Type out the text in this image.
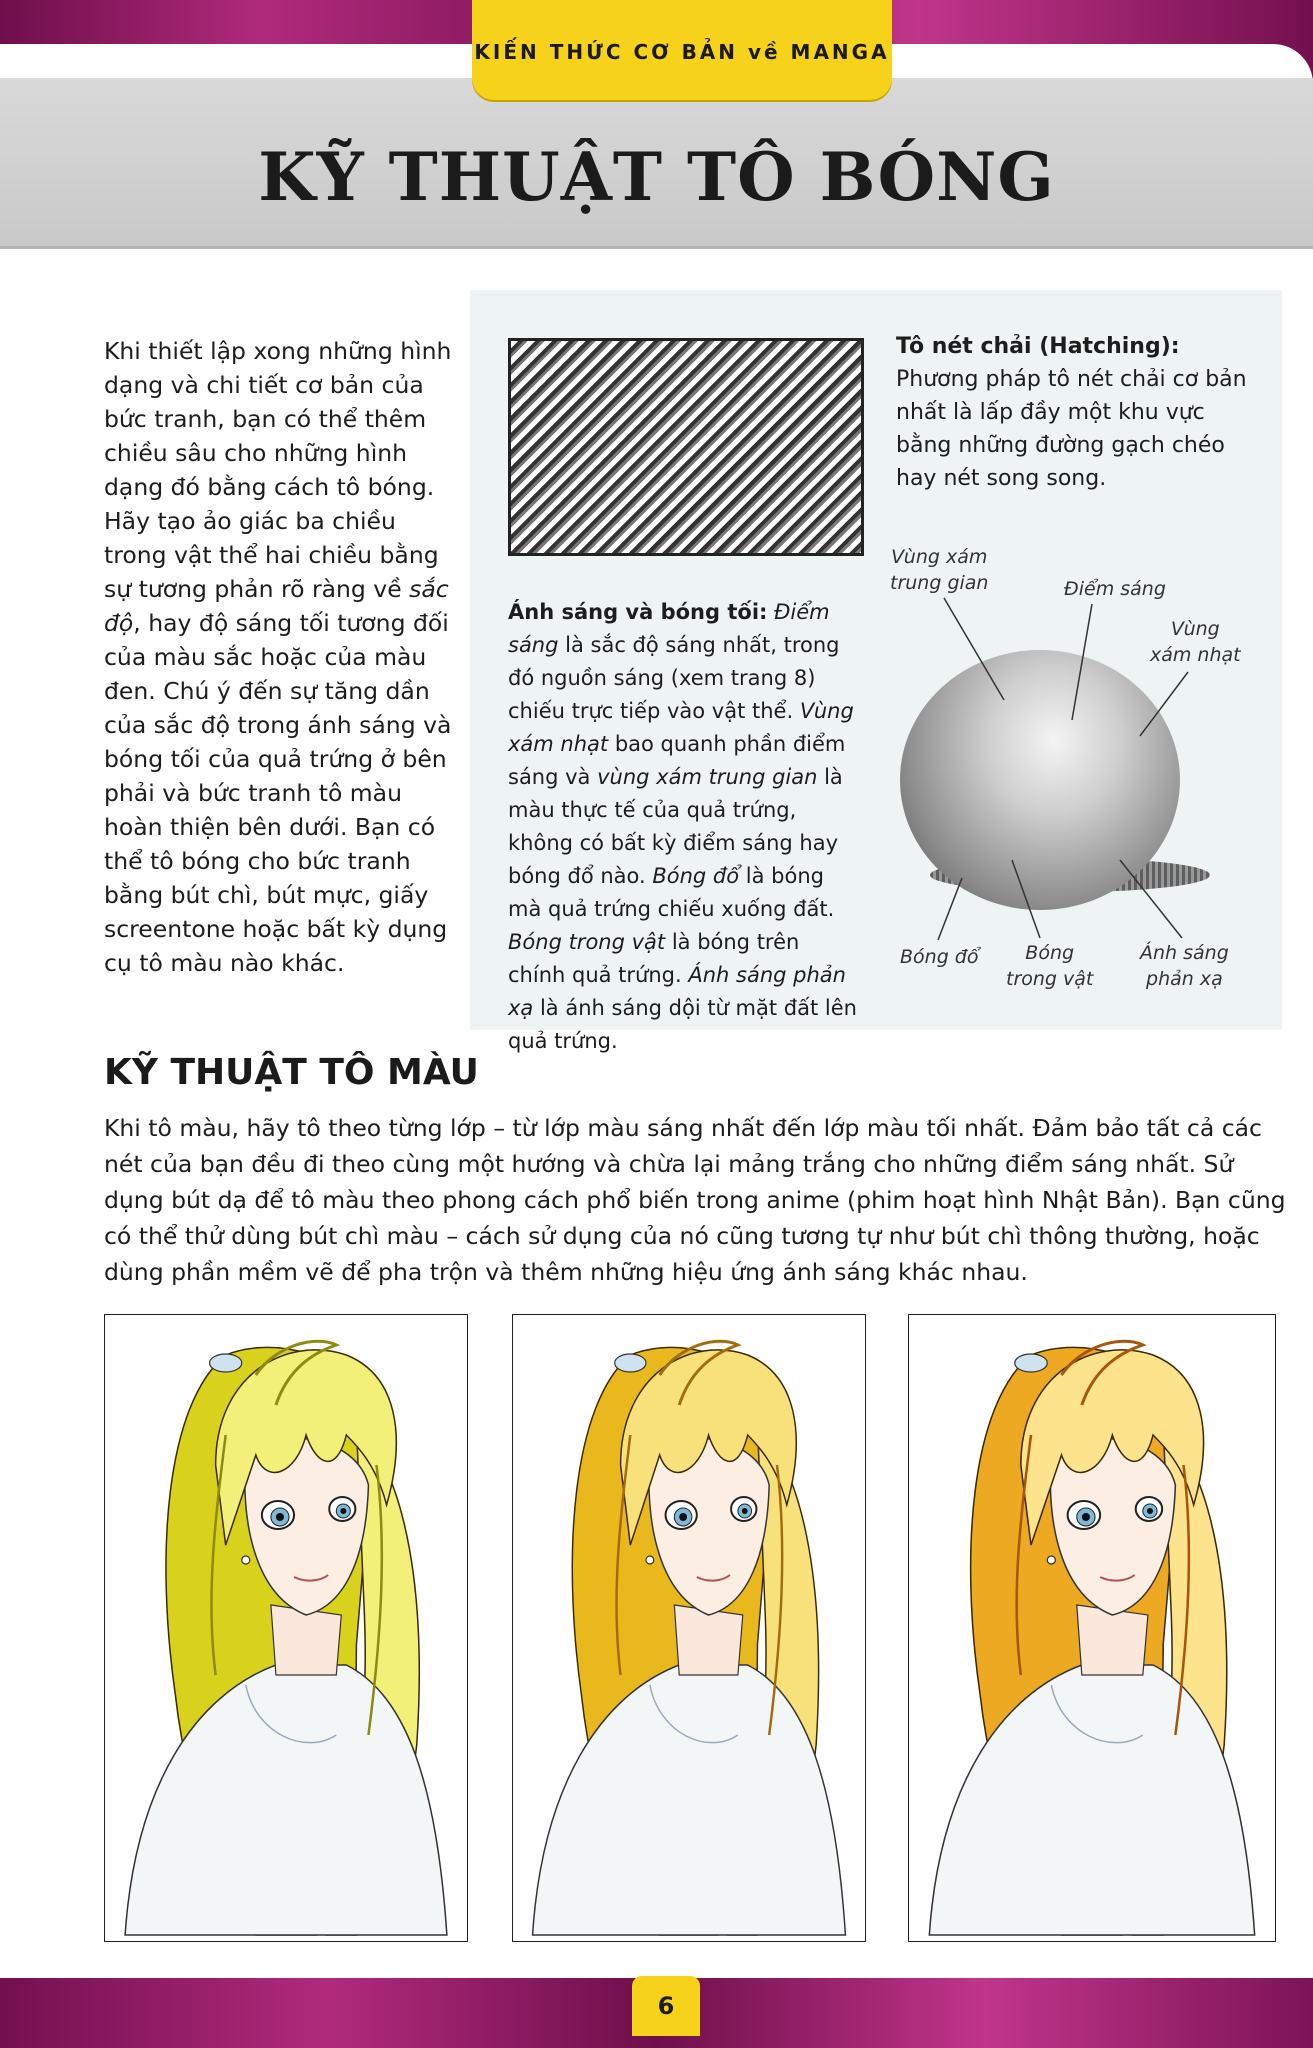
KIẾN THỨC CƠ BẢN về MANGA
KỸ THUẬT TÔ BÓNG
Khi thiết lập xong những hình dạng và chi tiết cơ bản của bức tranh, bạn có thể thêm chiều sâu cho những hình dạng đó bằng cách tô bóng. Hãy tạo ảo giác ba chiều trong vật thể hai chiều bằng sự tương phản rõ ràng về sắc độ, hay độ sáng tối tương đối của màu sắc hoặc của màu đen. Chú ý đến sự tăng dần của sắc độ trong ánh sáng và bóng tối của quả trứng ở bên phải và bức tranh tô màu hoàn thiện bên dưới. Bạn có thể tô bóng cho bức tranh bằng bút chì, bút mực, giấy screentone hoặc bất kỳ dụng cụ tô màu nào khác.
Tô nét chải (Hatching): Phương pháp tô nét chải cơ bản nhất là lấp đầy một khu vực bằng những đường gạch chéo hay nét song song.
Ánh sáng và bóng tối: Điểm sáng là sắc độ sáng nhất, trong đó nguồn sáng (xem trang 8) chiếu trực tiếp vào vật thể. Vùng xám nhạt bao quanh phần điểm sáng và vùng xám trung gian là màu thực tế của quả trứng, không có bất kỳ điểm sáng hay bóng đổ nào. Bóng đổ là bóng mà quả trứng chiếu xuống đất. Bóng trong vật là bóng trên chính quả trứng. Ánh sáng phản xạ là ánh sáng dội từ mặt đất lên quả trứng.
Vùng xám
trung gian	Điểm sáng
Vùng
xám nhạt
Bóng đổ	Bóng
trong vật
Ánh sáng
phản xạ
KỸ THUẬT TÔ MÀU
Khi tô màu, hãy tô theo từng lớp – từ lớp màu sáng nhất đến lớp màu tối nhất. Đảm bảo tất cả các nét của bạn đều đi theo cùng một hướng và chừa lại mảng trắng cho những điểm sáng nhất. Sử dụng bút dạ để tô màu theo phong cách phổ biến trong anime (phim hoạt hình Nhật Bản). Bạn cũng có thể thử dùng bút chì màu – cách sử dụng của nó cũng tương tự như bút chì thông thường, hoặc dùng phần mềm vẽ để pha trộn và thêm những hiệu ứng ánh sáng khác nhau.
6
